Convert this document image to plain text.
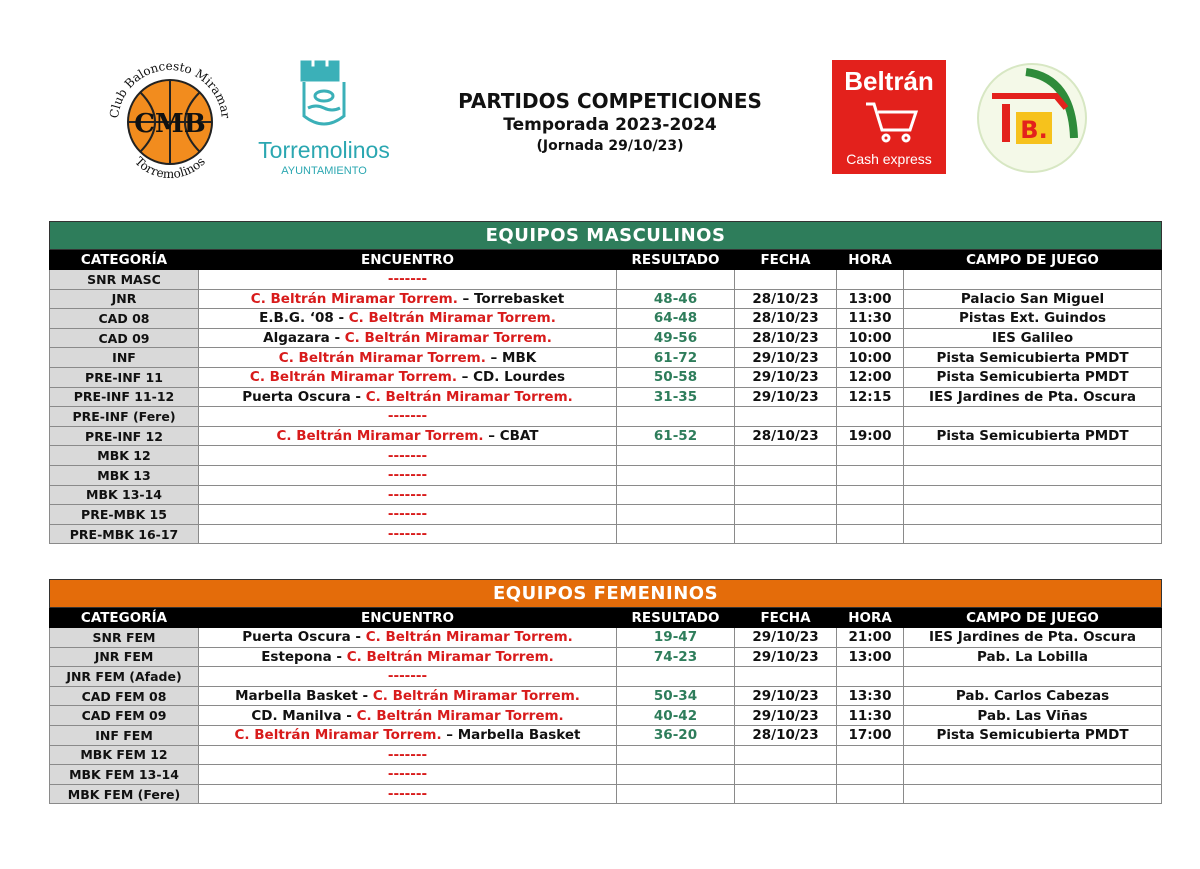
CMB
Club Baloncesto Miramar
Torremolinos Torremolinos
AYUNTAMIENTO
Beltrán
Cash express
B.
PARTIDOS COMPETICIONES
Temporada 2023-2024
(Jornada 29/10/23)
EQUIPOS MASCULINOS					
CATEGORÍA	ENCUENTRO	RESULTADO	FECHA	HORA	CAMPO DE JUEGO
SNR MASC	-------				
JNR	C. Beltrán Miramar Torrem. – Torrebasket	48-46	28/10/23	13:00	Palacio San Miguel
CAD 08	E.B.G. ‘08 - C. Beltrán Miramar Torrem.	64-48	28/10/23	11:30	Pistas Ext. Guindos
CAD 09	Algazara - C. Beltrán Miramar Torrem.	49-56	28/10/23	10:00	IES Galileo
INF	C. Beltrán Miramar Torrem. – MBK	61-72	29/10/23	10:00	Pista Semicubierta PMDT
PRE-INF 11	C. Beltrán Miramar Torrem. – CD. Lourdes	50-58	29/10/23	12:00	Pista Semicubierta PMDT
PRE-INF 11-12	Puerta Oscura - C. Beltrán Miramar Torrem.	31-35	29/10/23	12:15	IES Jardines de Pta. Oscura
PRE-INF (Fere)	-------				
PRE-INF 12	C. Beltrán Miramar Torrem. – CBAT	61-52	28/10/23	19:00	Pista Semicubierta PMDT
MBK 12	-------				
MBK 13	-------				
MBK 13-14	-------				
PRE-MBK 15	-------				
PRE-MBK 16-17	-------				
EQUIPOS FEMENINOS					
CATEGORÍA	ENCUENTRO	RESULTADO	FECHA	HORA	CAMPO DE JUEGO
SNR FEM	Puerta Oscura - C. Beltrán Miramar Torrem.	19-47	29/10/23	21:00	IES Jardines de Pta. Oscura
JNR FEM	Estepona - C. Beltrán Miramar Torrem.	74-23	29/10/23	13:00	Pab. La Lobilla
JNR FEM (Afade)	-------				
CAD FEM 08	Marbella Basket - C. Beltrán Miramar Torrem.	50-34	29/10/23	13:30	Pab. Carlos Cabezas
CAD FEM 09	CD. Manilva - C. Beltrán Miramar Torrem.	40-42	29/10/23	11:30	Pab. Las Viñas
INF FEM	C. Beltrán Miramar Torrem. – Marbella Basket	36-20	28/10/23	17:00	Pista Semicubierta PMDT
MBK FEM 12	-------				
MBK FEM 13-14	-------				
MBK FEM (Fere)	-------				
